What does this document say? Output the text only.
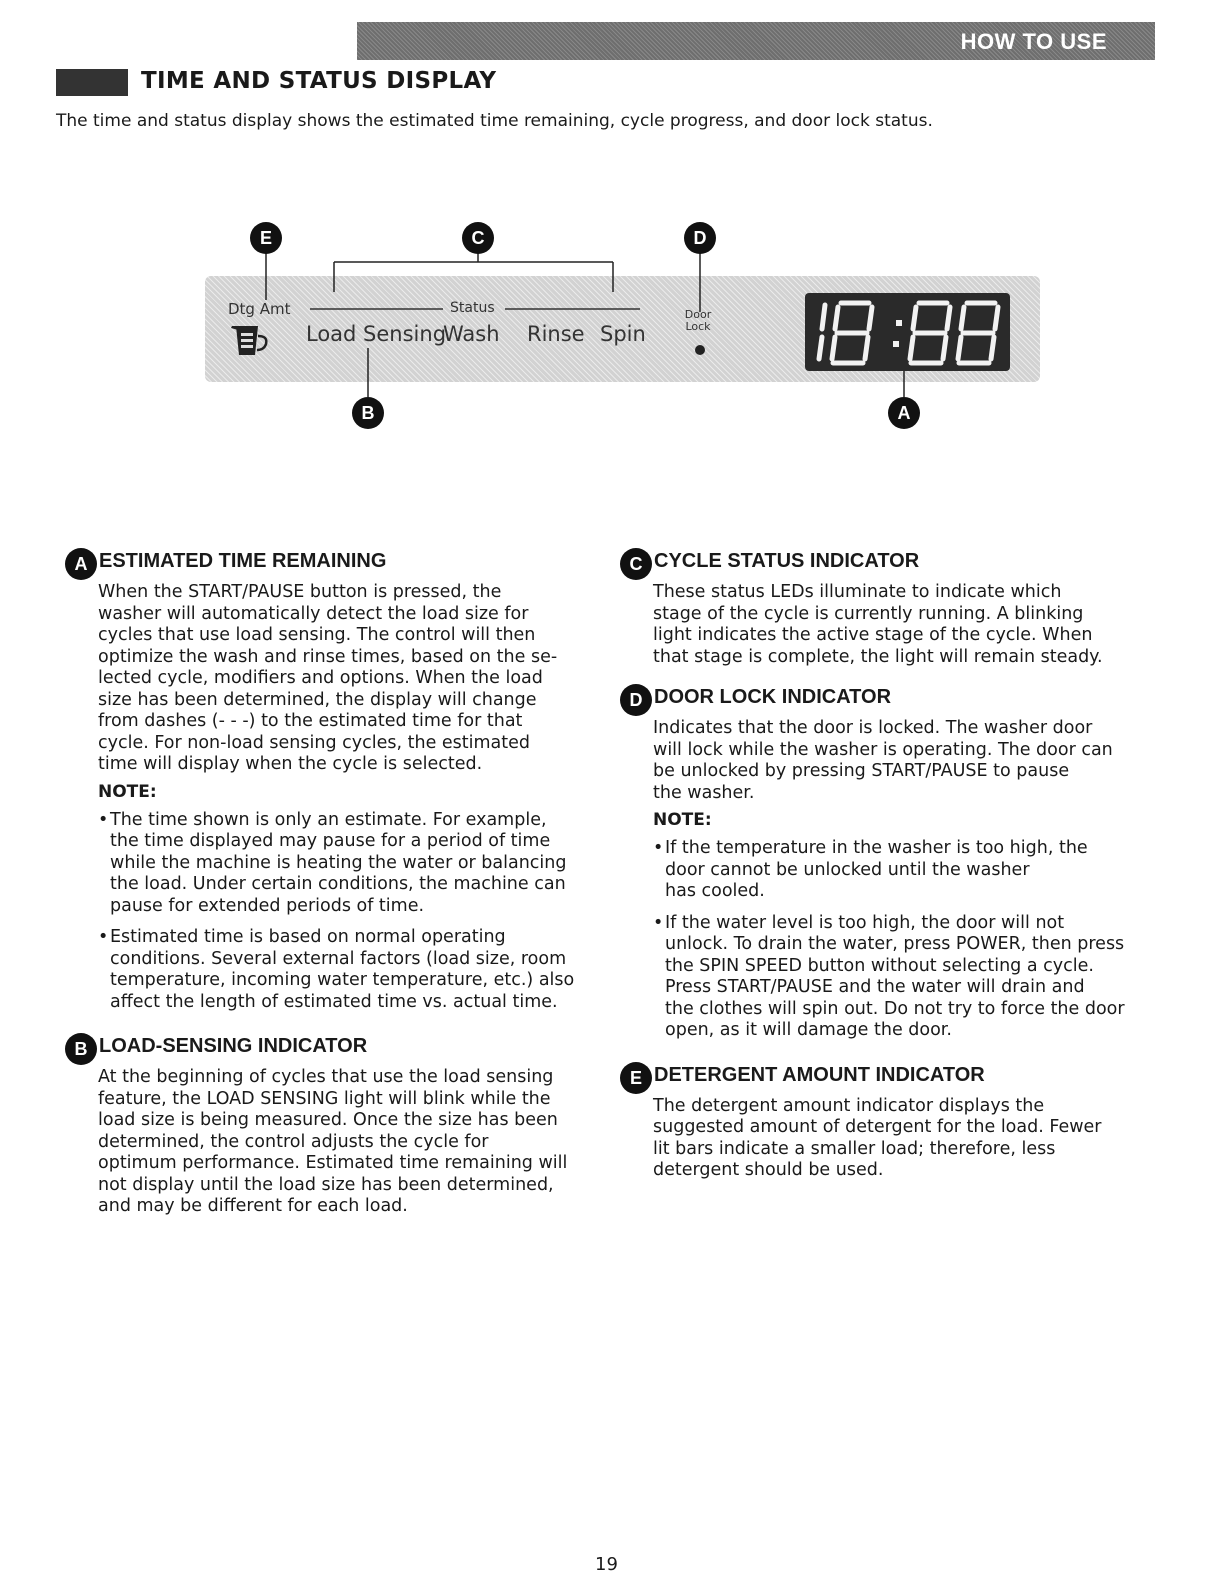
HOW TO USE
TIME AND STATUS DISPLAY
The time and status display shows the estimated time remaining, cycle progress, and door lock status.
Dtg Amt	Status
Load Sensing
Wash Rinse Spin
Door Lock
E	C	D
B	A
A ESTIMATED TIME REMAINING
When the START/PAUSE button is pressed, the
washer will automatically detect the load size for
cycles that use load sensing. The control will then
optimize the wash and rinse times, based on the se-
lected cycle, modifiers and options. When the load
size has been determined, the display will change
from dashes (- - -) to the estimated time for that
cycle. For non-load sensing cycles, the estimated
time will display when the cycle is selected.
NOTE:
• The time shown is only an estimate. For example,
the time displayed may pause for a period of time
while the machine is heating the water or balancing
the load. Under certain conditions, the machine can
pause for extended periods of time.
• Estimated time is based on normal operating
conditions. Several external factors (load size, room
temperature, incoming water temperature, etc.) also
affect the length of estimated time vs. actual time.
B LOAD-SENSING INDICATOR
At the beginning of cycles that use the load sensing
feature, the LOAD SENSING light will blink while the
load size is being measured. Once the size has been
determined, the control adjusts the cycle for
optimum performance. Estimated time remaining will
not display until the load size has been determined,
and may be different for each load.
C CYCLE STATUS INDICATOR
These status LEDs illuminate to indicate which
stage of the cycle is currently running. A blinking
light indicates the active stage of the cycle. When
that stage is complete, the light will remain steady.
D DOOR LOCK INDICATOR
Indicates that the door is locked. The washer door
will lock while the washer is operating. The door can
be unlocked by pressing START/PAUSE to pause
the washer.
NOTE:
• If the temperature in the washer is too high, the
door cannot be unlocked until the washer
has cooled.
• If the water level is too high, the door will not
unlock. To drain the water, press POWER, then press
the SPIN SPEED button without selecting a cycle.
Press START/PAUSE and the water will drain and
the clothes will spin out. Do not try to force the door
open, as it will damage the door.
E DETERGENT AMOUNT INDICATOR
The detergent amount indicator displays the
suggested amount of detergent for the load. Fewer
lit bars indicate a smaller load; therefore, less
detergent should be used.
19
